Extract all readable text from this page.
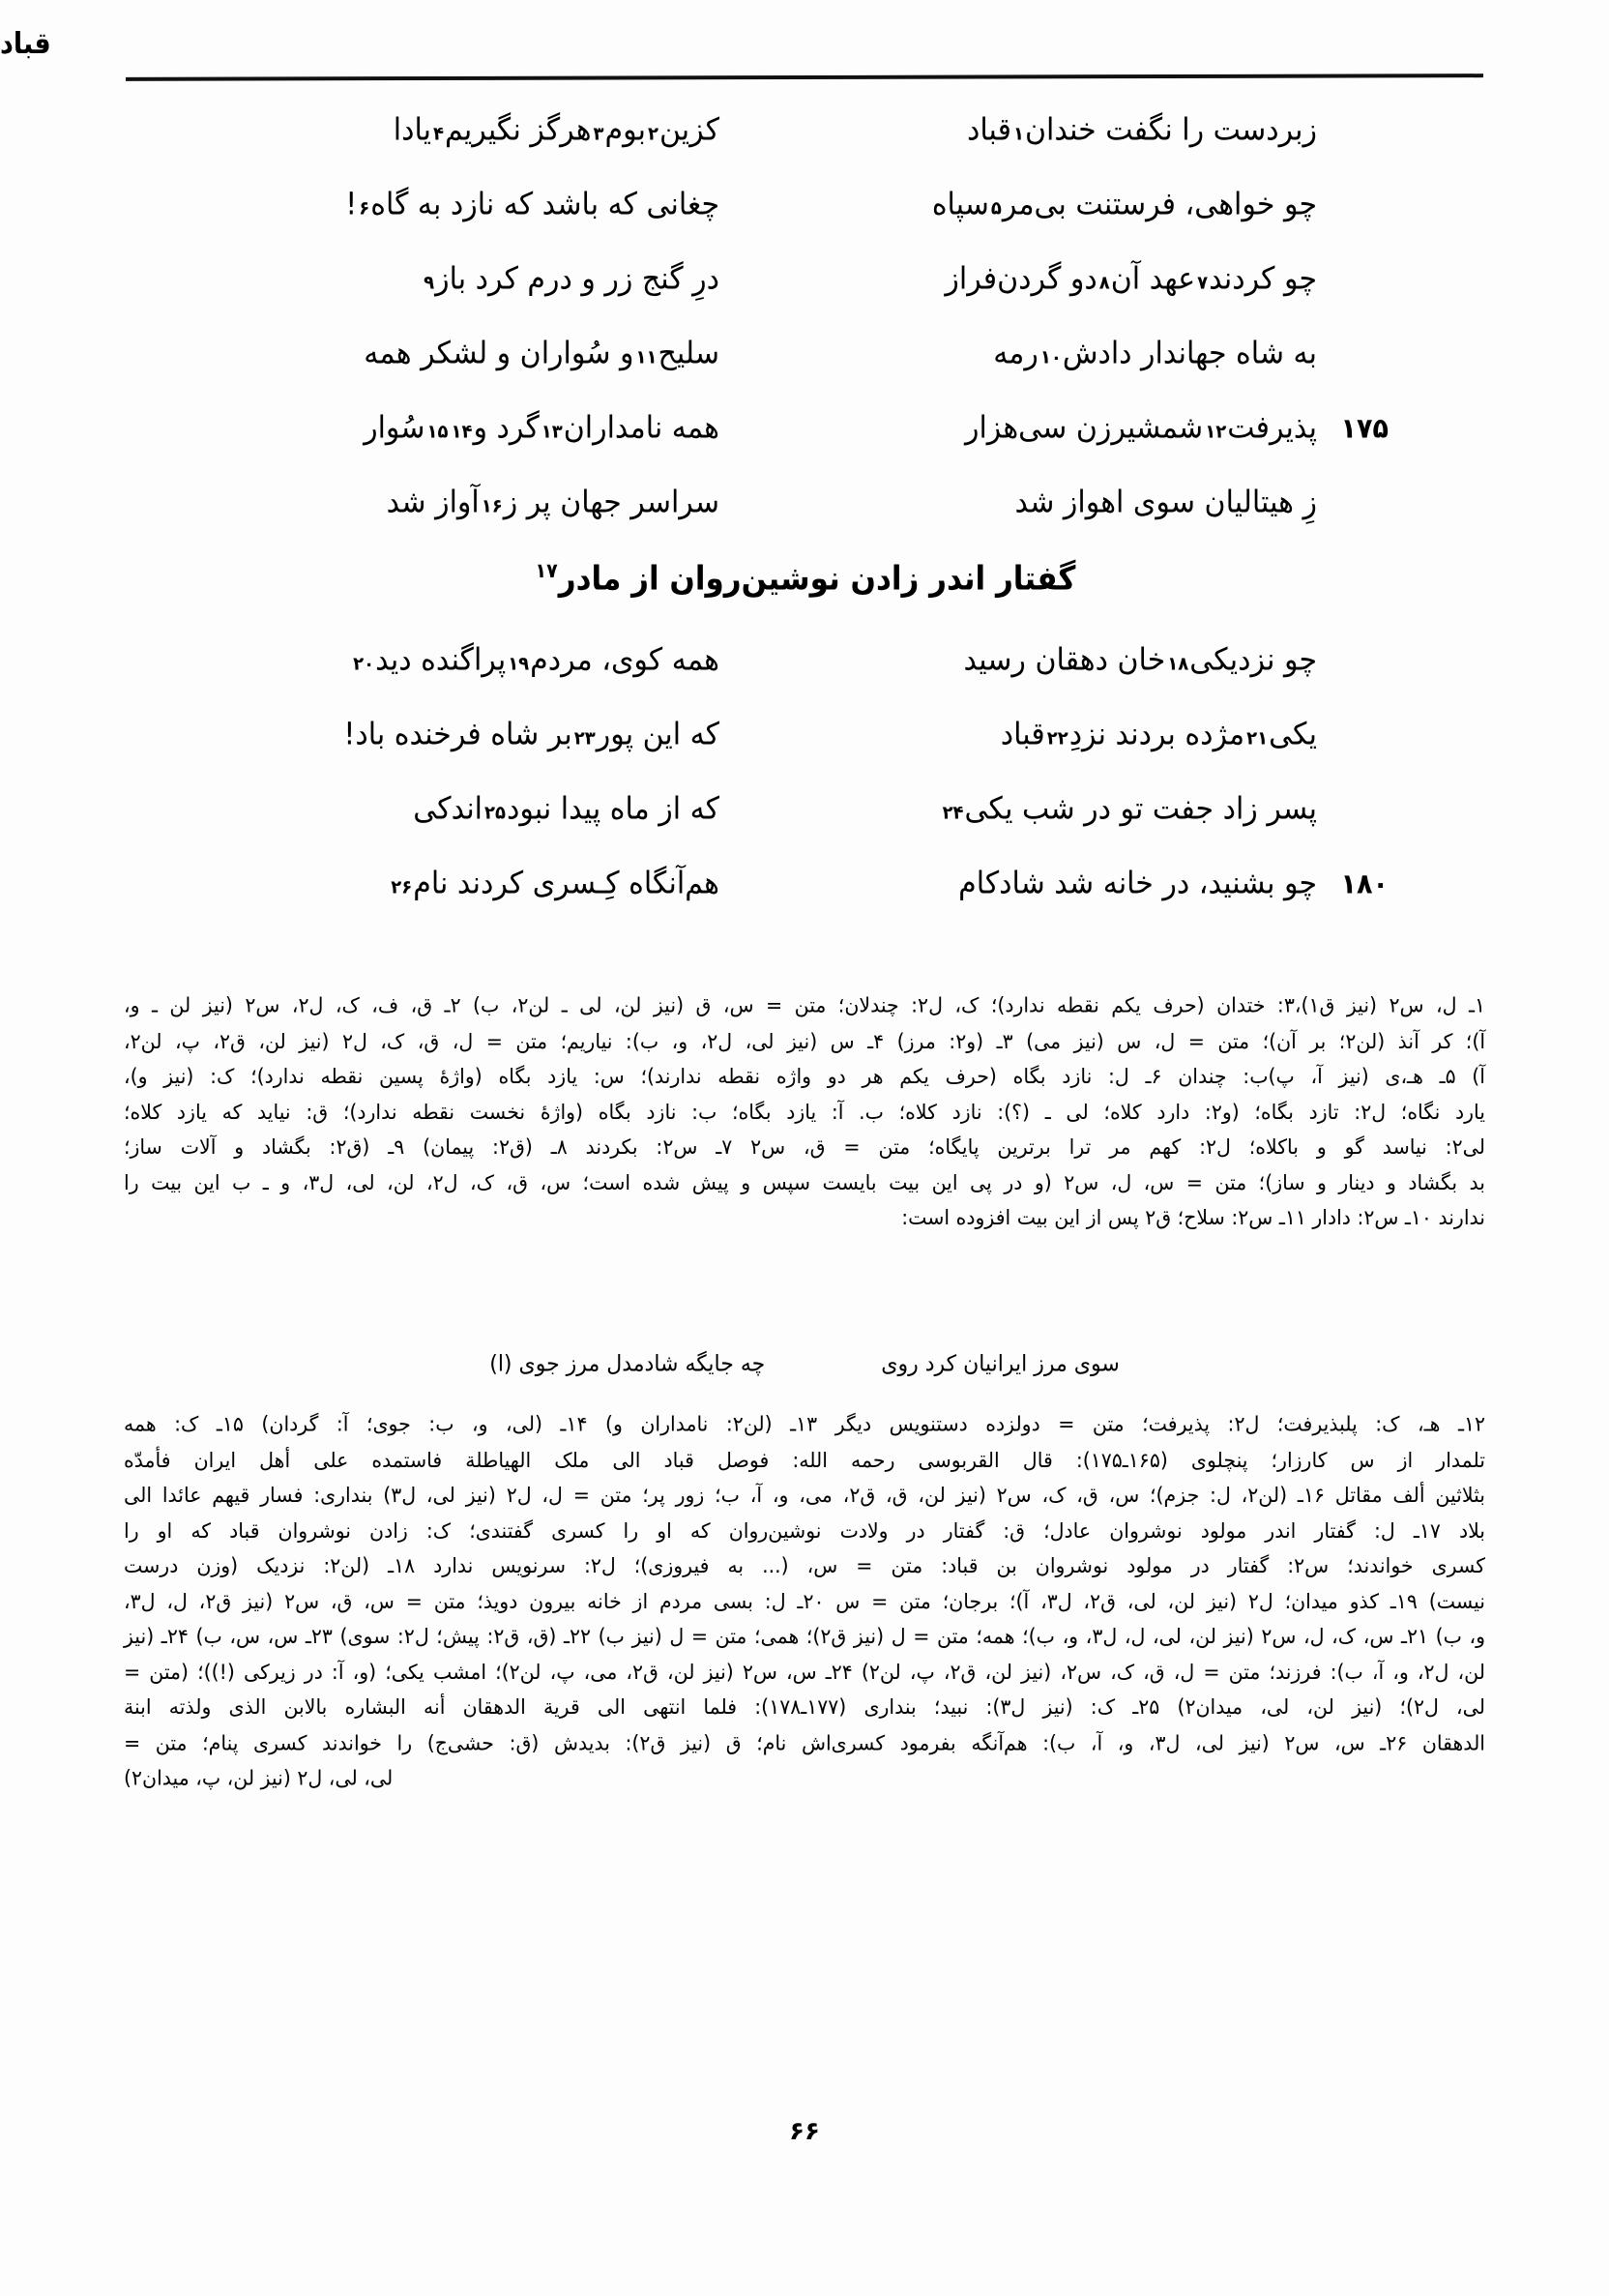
قباد
زبردست را نگفت خندان
۱
قباد
کزین
۲
بوم
۳
هرگز نگیریم
۴
یادا
چو خواهی، فرستنت بی‌مر
۵
سپاه
چغانی که باشد که نازد به گاه
۶
!
چو کردند
۷
عهد آن
۸
دو گردن‌فراز
درِ گنج زر و درم کرد باز
۹
به شاه جهاندار دادش
۱۰
رمه
سلیح
۱۱
و سُواران و لشکر همه
۱۷۵
پذیرفت
۱۲
شمشیرزن سی‌هزار
همه نامداران
۱۳
گرد و
۱۴
۱۵
سُوار
زِ هیتالیان سوی اهواز شد
سراسر جهان پر ز
۱۶
آواز شد
گفتار اندر زادن نوشین‌روان از مادر$^{۱۷}$
چو نزدیکی
۱۸
خان دهقان رسید
همه کوی، مردم
۱۹
پراگنده دید
۲۰
یکی
۲۱
مژده بردند نزدِ
۲۲
قباد
که این پور
۲۳
بر شاه فرخنده باد!
پسر زاد جفت تو در شب یکی
۲۴
که از ماه پیدا نبود
۲۵
اندکی
۱۸۰
چو بشنید، در خانه شد شادکام
هم‌آنگاه کِـسری کردند نام
۲۶

۱ـ ل، س۲ (نیز ق۱)،۳: ختدان (حرف یکم نقطه ندارد)؛ ک، ل۲: چندلان؛ متن = س، ق (نیز لن، لی ـ لن۲، ب) ۲ـ ق، ف، ک، ل۲، س۲ (نیز لن ـ و،

آ)؛ کر آنذ (لن۲؛ بر آن)؛ متن = ل، س (نیز می) ۳ـ (و۲: مرز) ۴ـ س (نیز لی، ل۲، و، ب): نیاریم؛ متن = ل، ق، ک، ل۲ (نیز لن، ق۲، پ، لن۲،

آ) ۵ـ هـ،ی (نیز آ، پ)ب: چندان ۶ـ ل: نازد بگاه (حرف یکم هر دو واژه نقطه ندارند)؛ س: یازد بگاه (واژهٔ پسین نقطه ندارد)؛ ک: (نیز و)،

یارد نگاه؛ ل۲: تازد بگاه؛ (و۲: دارد کلاه؛ لی ـ (؟): نازد کلاه؛ ب. آ: یازد بگاه؛ ب: نازد بگاه (واژهٔ نخست نقطه ندارد)؛ ق: نیاید که یازد کلاه؛

لی۲: نیاسد گو و باکلاه؛ ل۲: کهم مر ترا برترین پایگاه؛ متن = ق، س۲ ۷ـ س۲: بکردند ۸ـ (ق۲: پیمان) ۹ـ (ق۲: بگشاد و آلات ساز؛

بد بگشاد و دینار و ساز)؛ متن = س، ل، س۲ (و در پی این بیت بایست سپس و پیش شده است؛ س، ق، ک، ل۲، لن، لی، ل۳، و ـ ب این بیت را

ندارند ۱۰ـ س۲: دادار ۱۱ـ س۲: سلاح؛ ق۲ پس از این بیت افزوده است:

سوی مرز ایرانیان کرد روی
چه جایگه شادمدل مرز جوی (ا)

۱۲ـ هـ، ک: پلبذیرفت؛ ل۲: پذیرفت؛ متن = دولزده دستنویس دیگر ۱۳ـ (لن۲: نامداران و) ۱۴ـ (لی، و، ب: جوی؛ آ: گردان) ۱۵ـ ک: همه

تلمدار از س کارزار؛ پنچلوی (۱۶۵ـ۱۷۵): قال القربوسی رحمه الله: فوصل قباد الی ملک الهیاطلة فاستمده علی أهل ایران فأمدّه

بثلاثین ألف مقاتل ۱۶ـ (لن۲، ل: جزم)؛ س، ق، ک، س۲ (نیز لن، ق، ق۲، می، و، آ، ب؛ زور پر؛ متن = ل، ل۲ (نیز لی، ل۳) بنداری: فسار قیهم عائدا الی

بلاد ۱۷ـ ل: گفتار اندر مولود نوشروان عادل؛ ق: گفتار در ولادت نوشین‌روان که او را کسری گفتندی؛ ک: زادن نوشروان قباد که او را

کسری خواندند؛ س۲: گفتار در مولود نوشروان بن قباد: متن = س، (... به فیروزی)؛ ل۲: سرنویس ندارد ۱۸ـ (لن۲: نزدیک (وزن درست

نیست) ۱۹ـ کذو میدان؛ ل۲ (نیز لن، لی، ق۲، ل۳، آ)؛ برجان؛ متن = س ۲۰ـ ل: بسی مردم از خانه بیرون دویذ؛ متن = س، ق، س۲ (نیز ق۲، ل، ل۳،

و، ب) ۲۱ـ س، ک، ل، س۲ (نیز لن، لی، ل، ل۳، و، ب)؛ همه؛ متن = ل (نیز ق۲)؛ همی؛ متن = ل (نیز ب) ۲۲ـ (ق، ق۲: پیش؛ ل۲: سوی) ۲۳ـ س، س، ب) ۲۴ـ (نیز

لن، ل۲، و، آ، ب): فرزند؛ متن = ل، ق، ک، س۲، (نیز لن، ق۲، پ، لن۲) ۲۴ـ س، س۲ (نیز لن، ق۲، می، پ، لن۲)؛ امشب یکی؛ (و، آ: در زیرکی (!))؛ (متن =

لی، ل۲)؛ (نیز لن، لی، میدان۲) ۲۵ـ ک: (نیز ل۳): نبید؛ بنداری (۱۷۷ـ۱۷۸): فلما انتهی الی قریة الدهقان أنه البشاره بالابن الذی ولذته ابنة

الدهقان ۲۶ـ س، س۲ (نیز لی، ل۳، و، آ، ب): هم‌آنگه بفرمود کسری‌اش نام؛ ق (نیز ق۲): بدیدش (ق: حشی‌ج) را خواندند کسری پنام؛ متن =

لی، لی، ل۲ (نیز لن، پ، میدان۲)

۶۶
